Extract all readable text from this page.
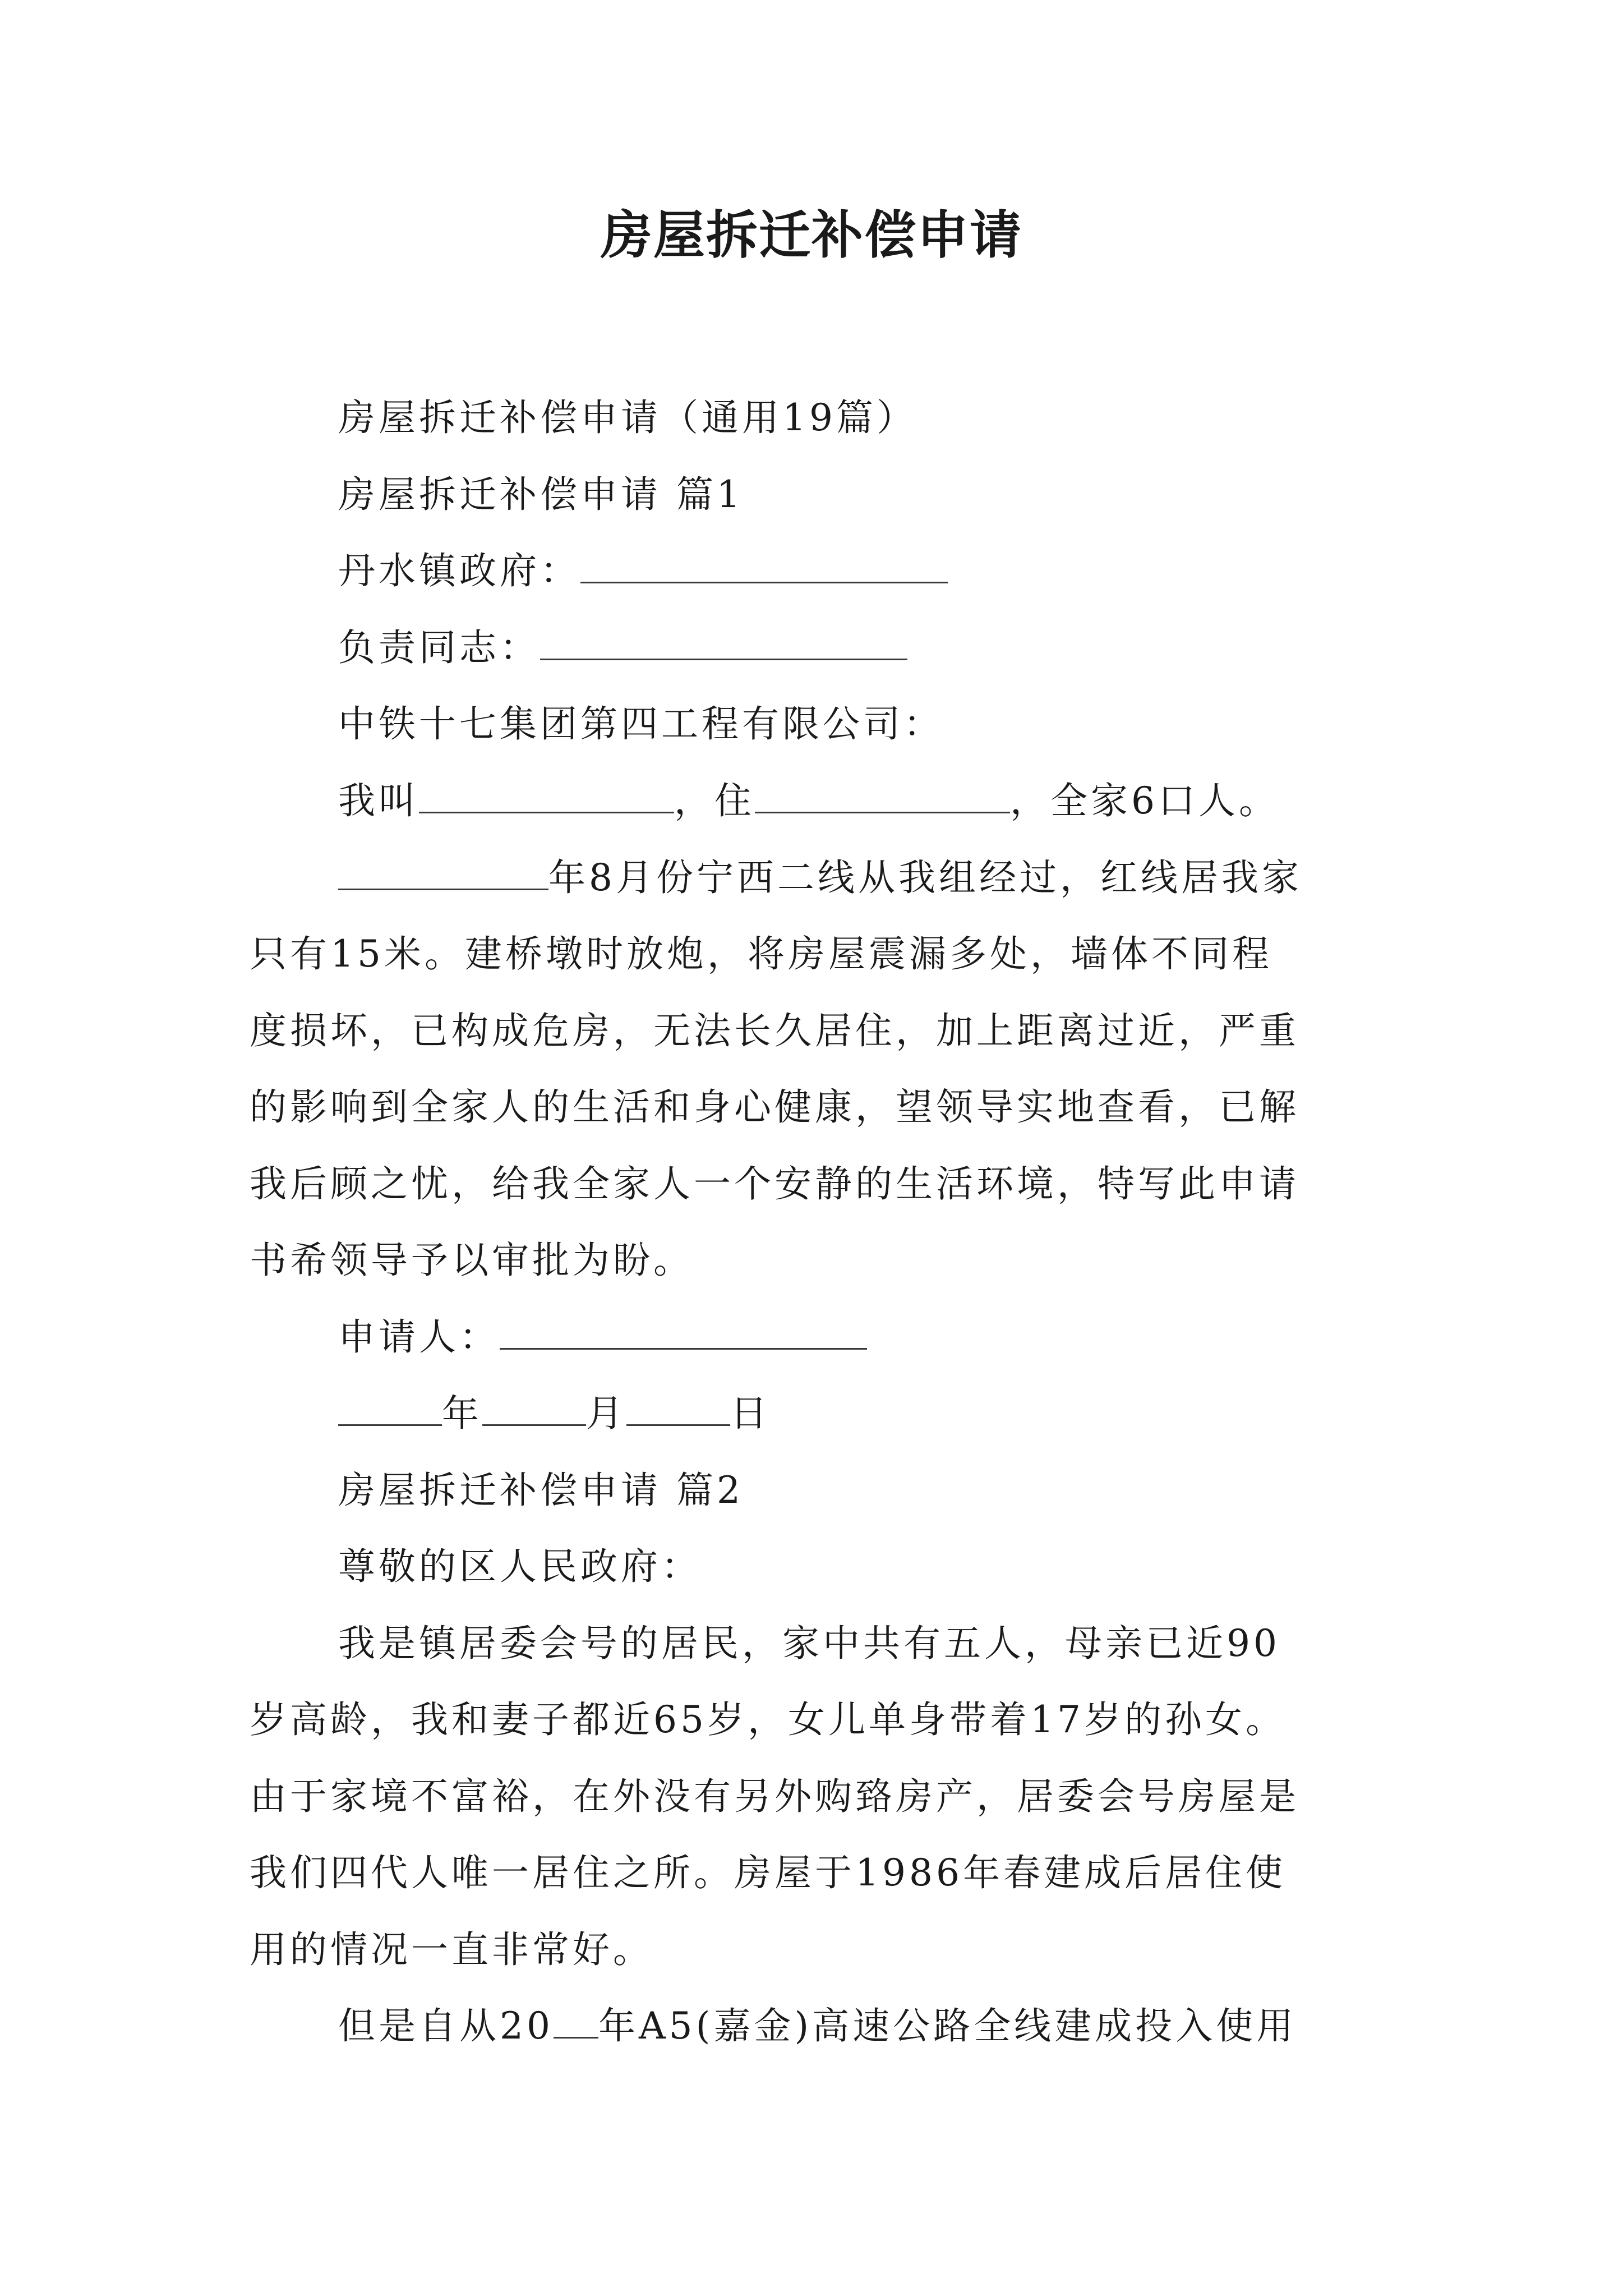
房屋拆迁补偿申请
房屋拆迁补偿申请（通用19篇）
房屋拆迁补偿申请 篇1
丹水镇政府：
负责同志：
中铁十七集团第四工程有限公司：
我叫	，住	，全家6口人。
年8月份宁西二线从我组经过，红线居我家
只有15米。建桥墩时放炮，将房屋震漏多处，墙体不同程
度损坏，已构成危房，无法长久居住，加上距离过近，严重
的影响到全家人的生活和身心健康，望领导实地查看，已解
我后顾之忧，给我全家人一个安静的生活环境，特写此申请
书希领导予以审批为盼。
申请人：
年	月	日
房屋拆迁补偿申请 篇2
尊敬的区人民政府：
我是镇居委会号的居民，家中共有五人，母亲已近90
岁高龄，我和妻子都近65岁，女儿单身带着17岁的孙女。
由于家境不富裕，在外没有另外购臵房产，居委会号房屋是
我们四代人唯一居住之所。房屋于1986年春建成后居住使
用的情况一直非常好。
但是自从20 年A5(嘉金)高速公路全线建成投入使用
